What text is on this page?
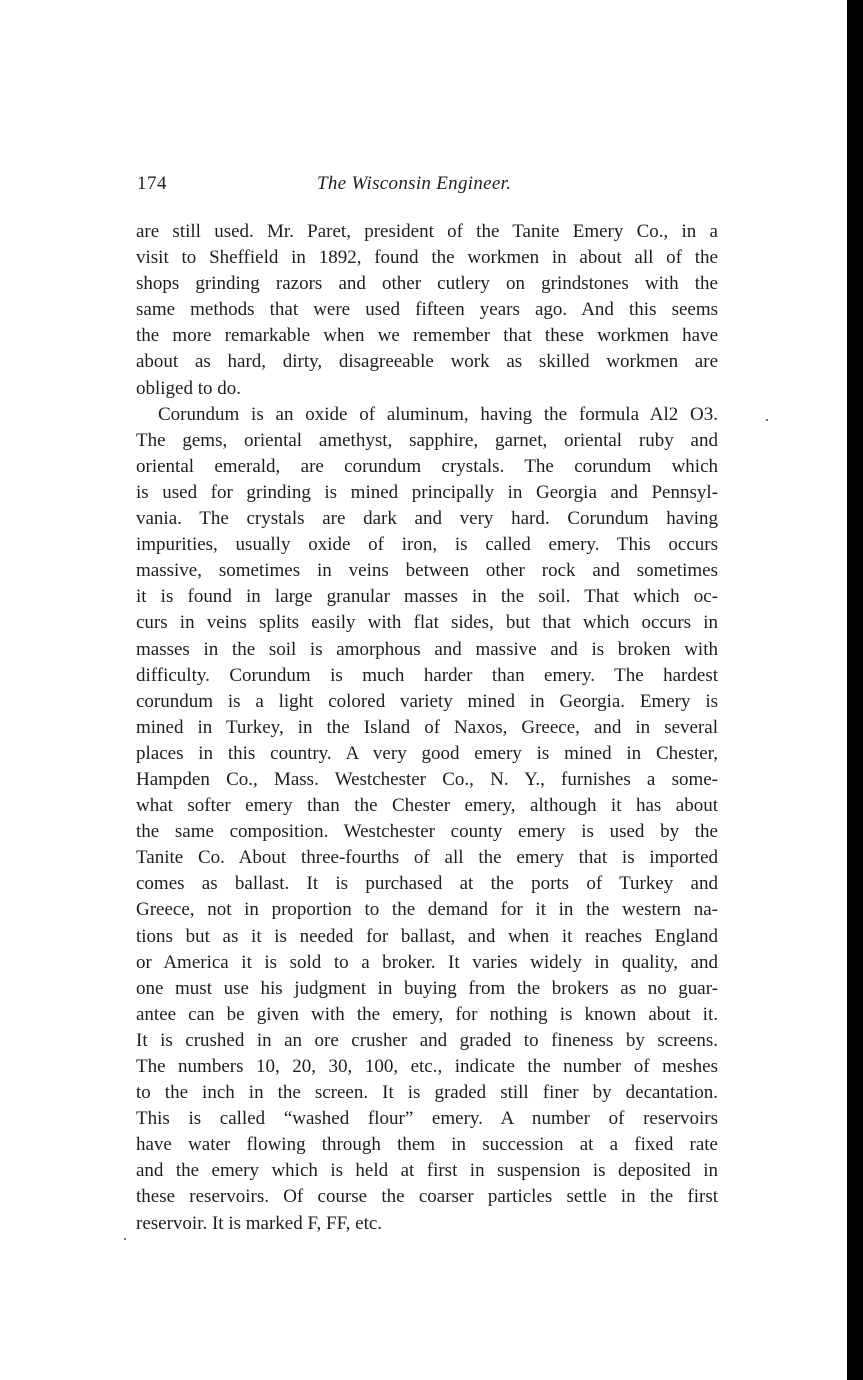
174	The Wisconsin Engineer.
are still used. Mr. Paret, president of the Tanite Emery Co., in a
visit to Sheffield in 1892, found the workmen in about all of the
shops grinding razors and other cutlery on grindstones with the
same methods that were used fifteen years ago. And this seems
the more remarkable when we remember that these workmen have
about as hard, dirty, disagreeable work as skilled workmen are
obliged to do.
Corundum is an oxide of aluminum, having the formula Al2 O3.
The gems, oriental amethyst, sapphire, garnet, oriental ruby and
oriental emerald, are corundum crystals. The corundum which
is used for grinding is mined principally in Georgia and Pennsyl-
vania. The crystals are dark and very hard. Corundum having
impurities, usually oxide of iron, is called emery. This occurs
massive, sometimes in veins between other rock and sometimes
it is found in large granular masses in the soil. That which oc-
curs in veins splits easily with flat sides, but that which occurs in
masses in the soil is amorphous and massive and is broken with
difficulty. Corundum is much harder than emery. The hardest
corundum is a light colored variety mined in Georgia. Emery is
mined in Turkey, in the Island of Naxos, Greece, and in several
places in this country. A very good emery is mined in Chester,
Hampden Co., Mass. Westchester Co., N. Y., furnishes a some-
what softer emery than the Chester emery, although it has about
the same composition. Westchester county emery is used by the
Tanite Co. About three-fourths of all the emery that is imported
comes as ballast. It is purchased at the ports of Turkey and
Greece, not in proportion to the demand for it in the western na-
tions but as it is needed for ballast, and when it reaches England
or America it is sold to a broker. It varies widely in quality, and
one must use his judgment in buying from the brokers as no guar-
antee can be given with the emery, for nothing is known about it.
It is crushed in an ore crusher and graded to fineness by screens.
The numbers 10, 20, 30, 100, etc., indicate the number of meshes
to the inch in the screen. It is graded still finer by decantation.
This is called “washed flour” emery. A number of reservoirs
have water flowing through them in succession at a fixed rate
and the emery which is held at first in suspension is deposited in
these reservoirs. Of course the coarser particles settle in the first
reservoir. It is marked F, FF, etc.
